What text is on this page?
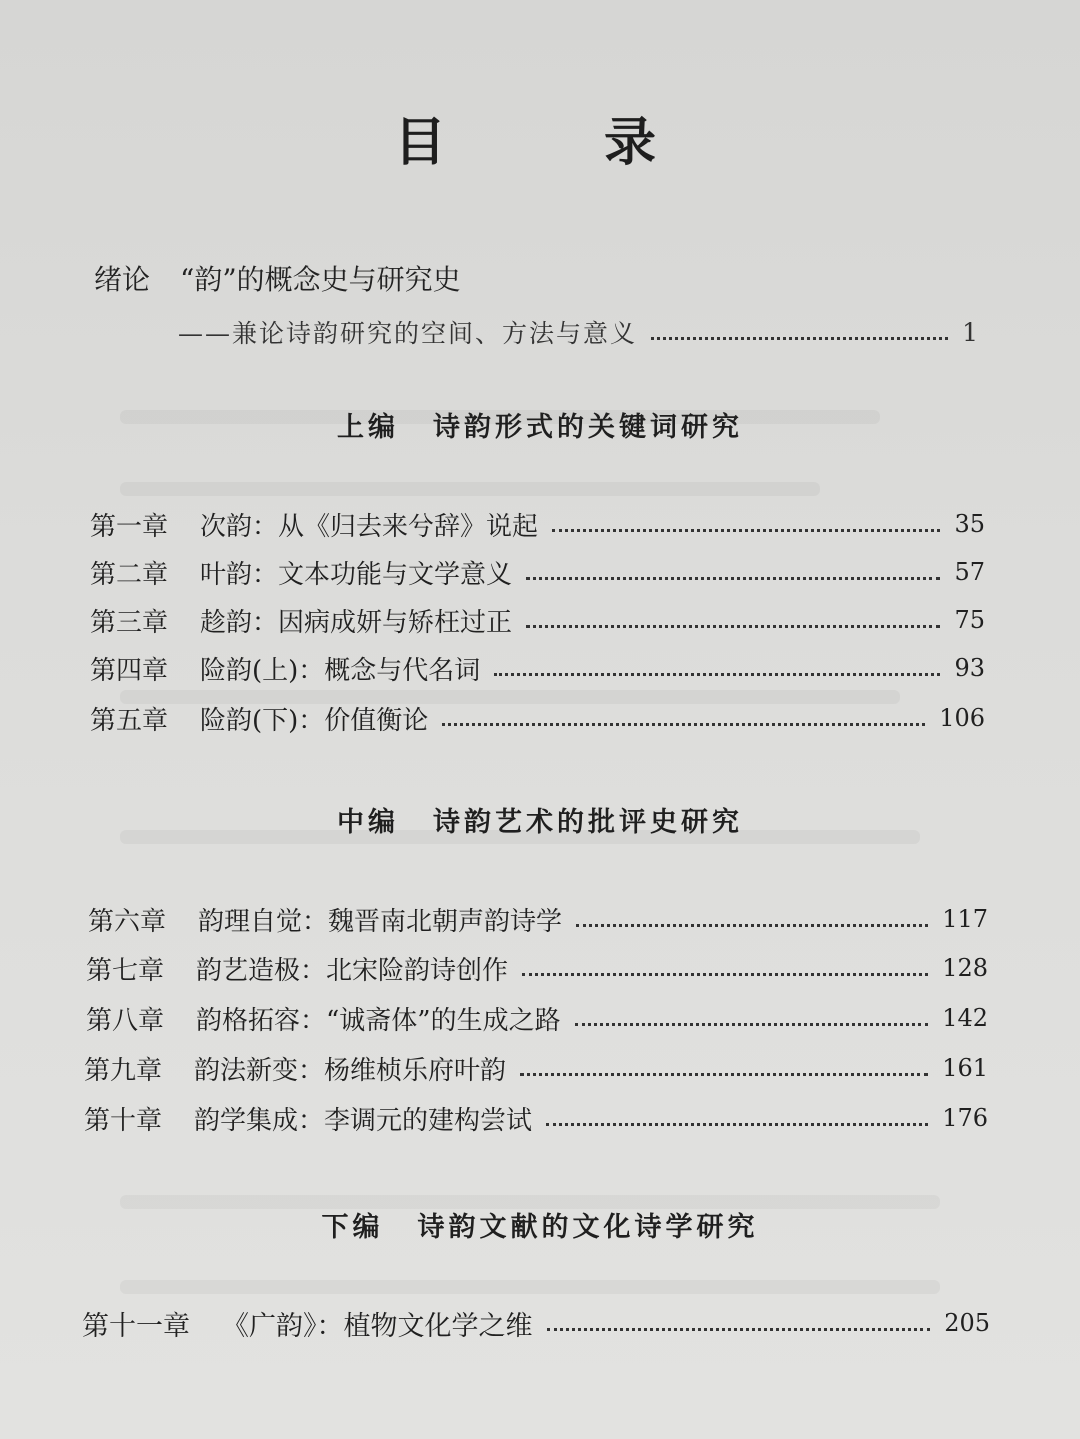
目 录
绪论 “韵”的概念史与研究史
——兼论诗韵研究的空间、方法与意义	1
上编 诗韵形式的关键词研究
第一章	次韵：从《归去来兮辞》说起	35
第二章	叶韵：文本功能与文学意义	57
第三章	趁韵：因病成妍与矫枉过正	75
第四章	险韵(上)：概念与代名词	93
第五章	险韵(下)：价值衡论	106
中编 诗韵艺术的批评史研究
第六章	韵理自觉：魏晋南北朝声韵诗学	117
第七章	韵艺造极：北宋险韵诗创作	128
第八章	韵格拓容：“诚斋体”的生成之路	142
第九章	韵法新变：杨维桢乐府叶韵	161
第十章	韵学集成：李调元的建构尝试	176
下编 诗韵文献的文化诗学研究
第十一章	《广韵》：植物文化学之维	205
